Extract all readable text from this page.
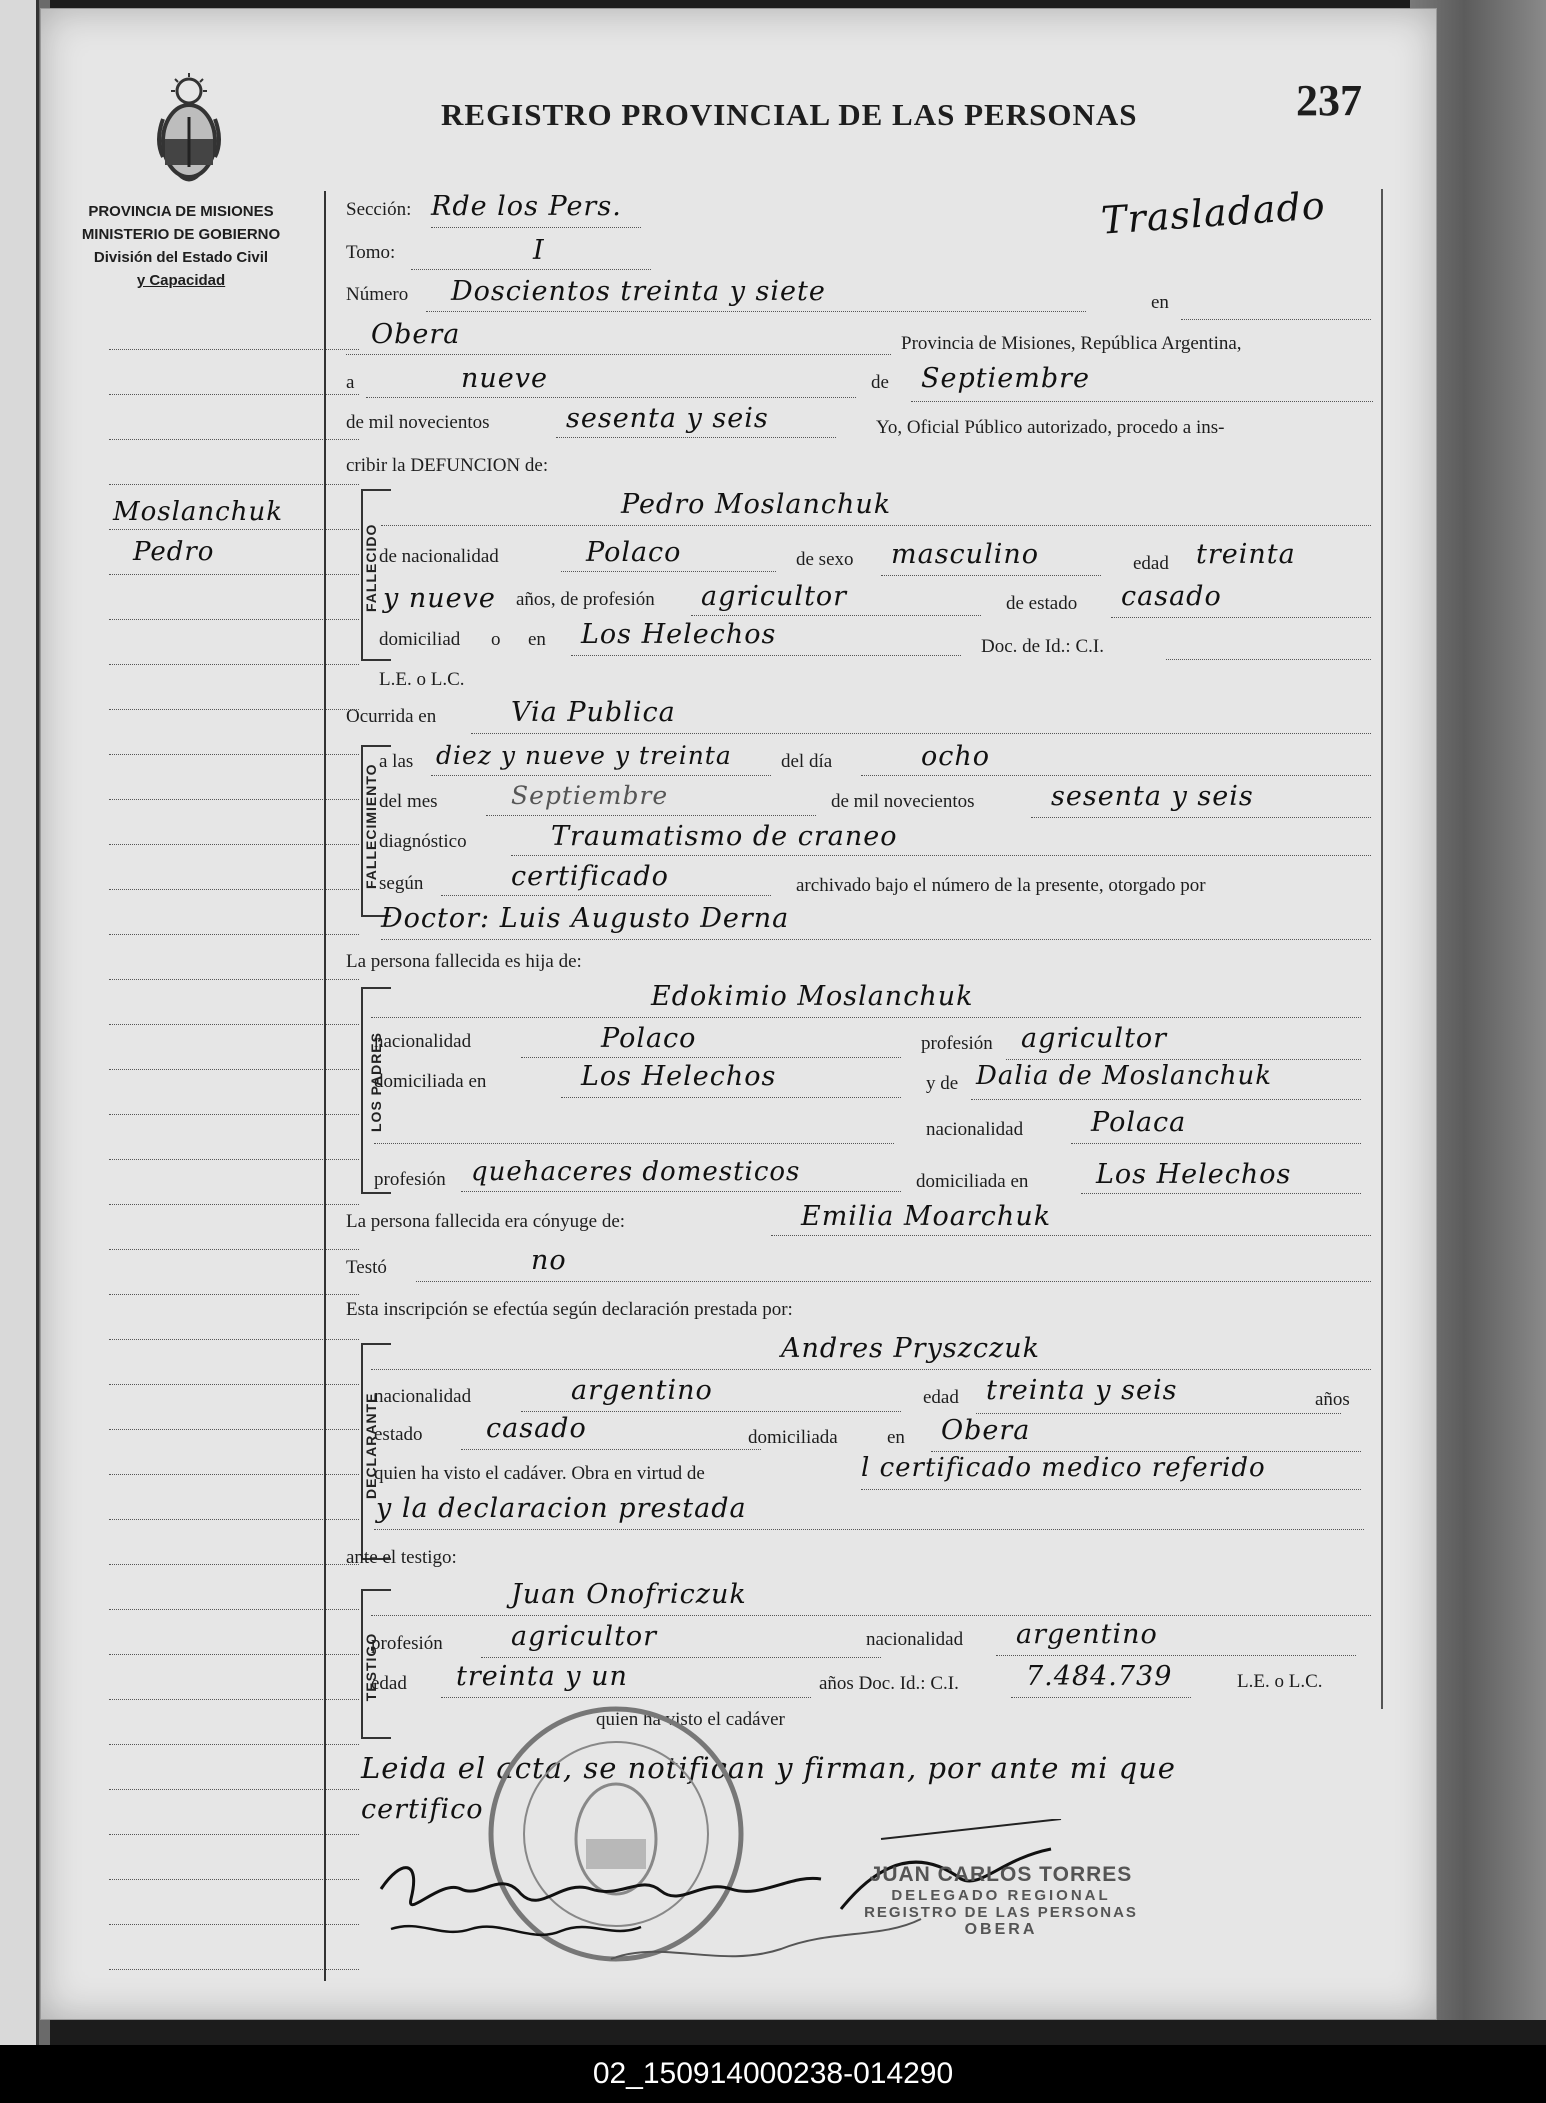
PROVINCIA DE MISIONES
MINISTERIO DE GOBIERNO
División del Estado Civil
y Capacidad
Moslanchuk
Pedro
REGISTRO PROVINCIAL DE LAS PERSONAS	237
Trasladado
Sección: Rde los Pers.
Tomo:	I
Número Doscientos treinta y siete	en
Obera	Provincia de Misiones, República Argentina,
a	nueve	de Septiembre
de mil novecientos	sesenta y seis	Yo, Oficial Público autorizado, procedo a ins-
cribir la DEFUNCION de:
FALLECIDO
Pedro Moslanchuk
de nacionalidad	Polaco	de sexo masculino	edad treinta
y nueve años, de profesión agricultor	de estado casado
domiciliad o en Los Helechos	Doc. de Id.: C.I.
L.E. o L.C.
Ocurrida en	Via Publica
FALLECIMIENTO
a las diez y nueve y treinta	del día	ocho
del mes	Septiembre	de mil novecientos	sesenta y seis
diagnóstico	Traumatismo de craneo
según	certificado	archivado bajo el número de la presente, otorgado por
Doctor: Luis Augusto Derna
La persona fallecida es hija de:
LOS PADRES
Edokimio Moslanchuk
nacionalidad	Polaco	profesión agricultor
domiciliada en	Los Helechos	y de Dalia de Moslanchuk
nacionalidad	Polaca
profesión quehaceres domesticos	domiciliada en	Los Helechos
La persona fallecida era cónyuge de:	Emilia Moarchuk
Testó	no
Esta inscripción se efectúa según declaración prestada por:
DECLARANTE
Andres Pryszczuk
nacionalidad	argentino	edad treinta y seis	años
estado casado	domiciliada	en Obera
quien ha visto el cadáver. Obra en virtud de	l certificado medico referido
y la declaracion prestada
ante el testigo:
TESTIGO
Juan Onofriczuk
profesión	agricultor	nacionalidad argentino
edad treinta y un	años Doc. Id.: C.I. 7.484.739	L.E. o L.C.
quien ha visto el cadáver
Leida el acta, se notifican y firman, por ante mi que
certifico
JUAN CARLOS TORRES
DELEGADO REGIONAL
REGISTRO DE LAS PERSONAS
OBERA
02_150914000238-014290
